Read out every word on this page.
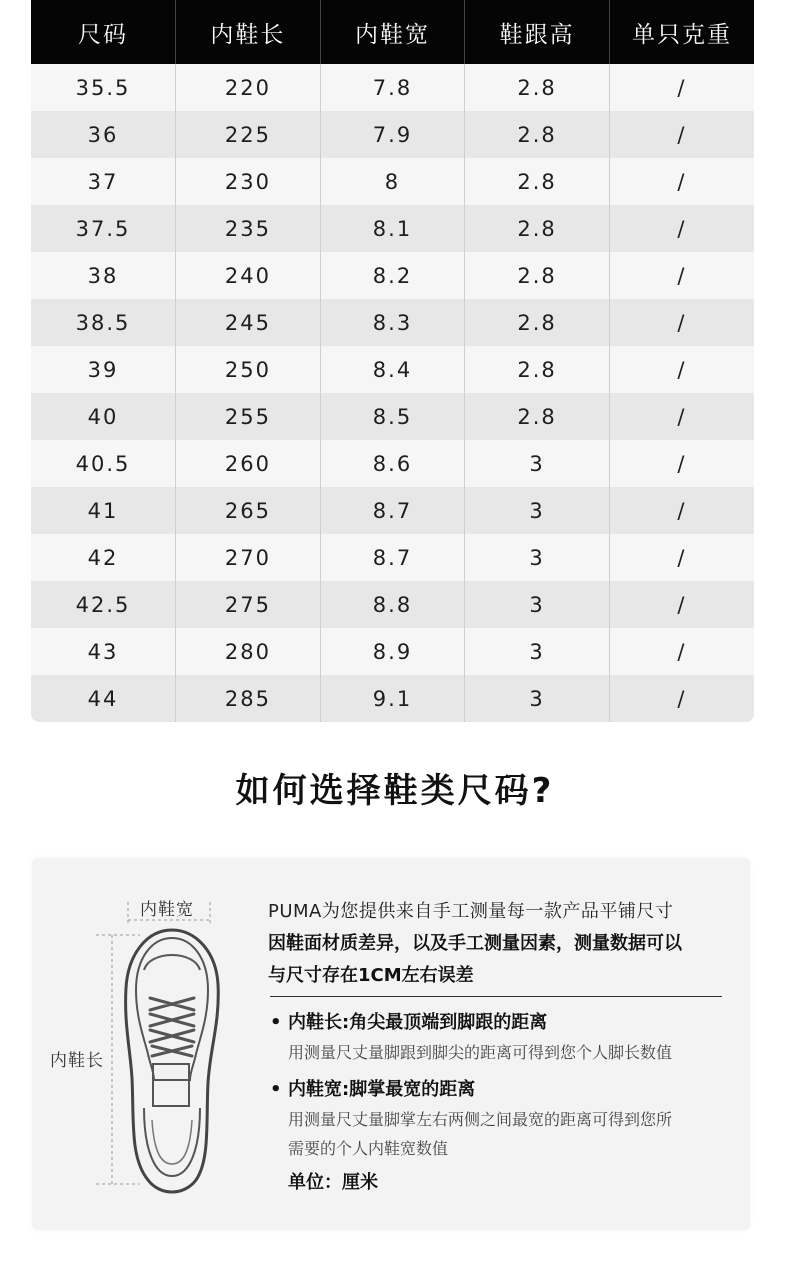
尺码	内鞋长	内鞋宽	鞋跟高	单只克重
35.5	220	7.8	2.8	/
36	225	7.9	2.8	/
37	230	8	2.8	/
37.5	235	8.1	2.8	/
38	240	8.2	2.8	/
38.5	245	8.3	2.8	/
39	250	8.4	2.8	/
40	255	8.5	2.8	/
40.5	260	8.6	3	/
41	265	8.7	3	/
42	270	8.7	3	/
42.5	275	8.8	3	/
43	280	8.9	3	/
44	285	9.1	3	/
如何选择鞋类尺码?
内鞋宽
内鞋长
PUMA为您提供来自手工测量每一款产品平铺尺寸
因鞋面材质差异，以及手工测量因素，测量数据可以
与尺寸存在1CM左右误差
• 内鞋长:角尖最顶端到脚跟的距离
用测量尺丈量脚跟到脚尖的距离可得到您个人脚长数值
• 内鞋宽:脚掌最宽的距离
用测量尺丈量脚掌左右两侧之间最宽的距离可得到您所
需要的个人内鞋宽数值
单位：厘米
